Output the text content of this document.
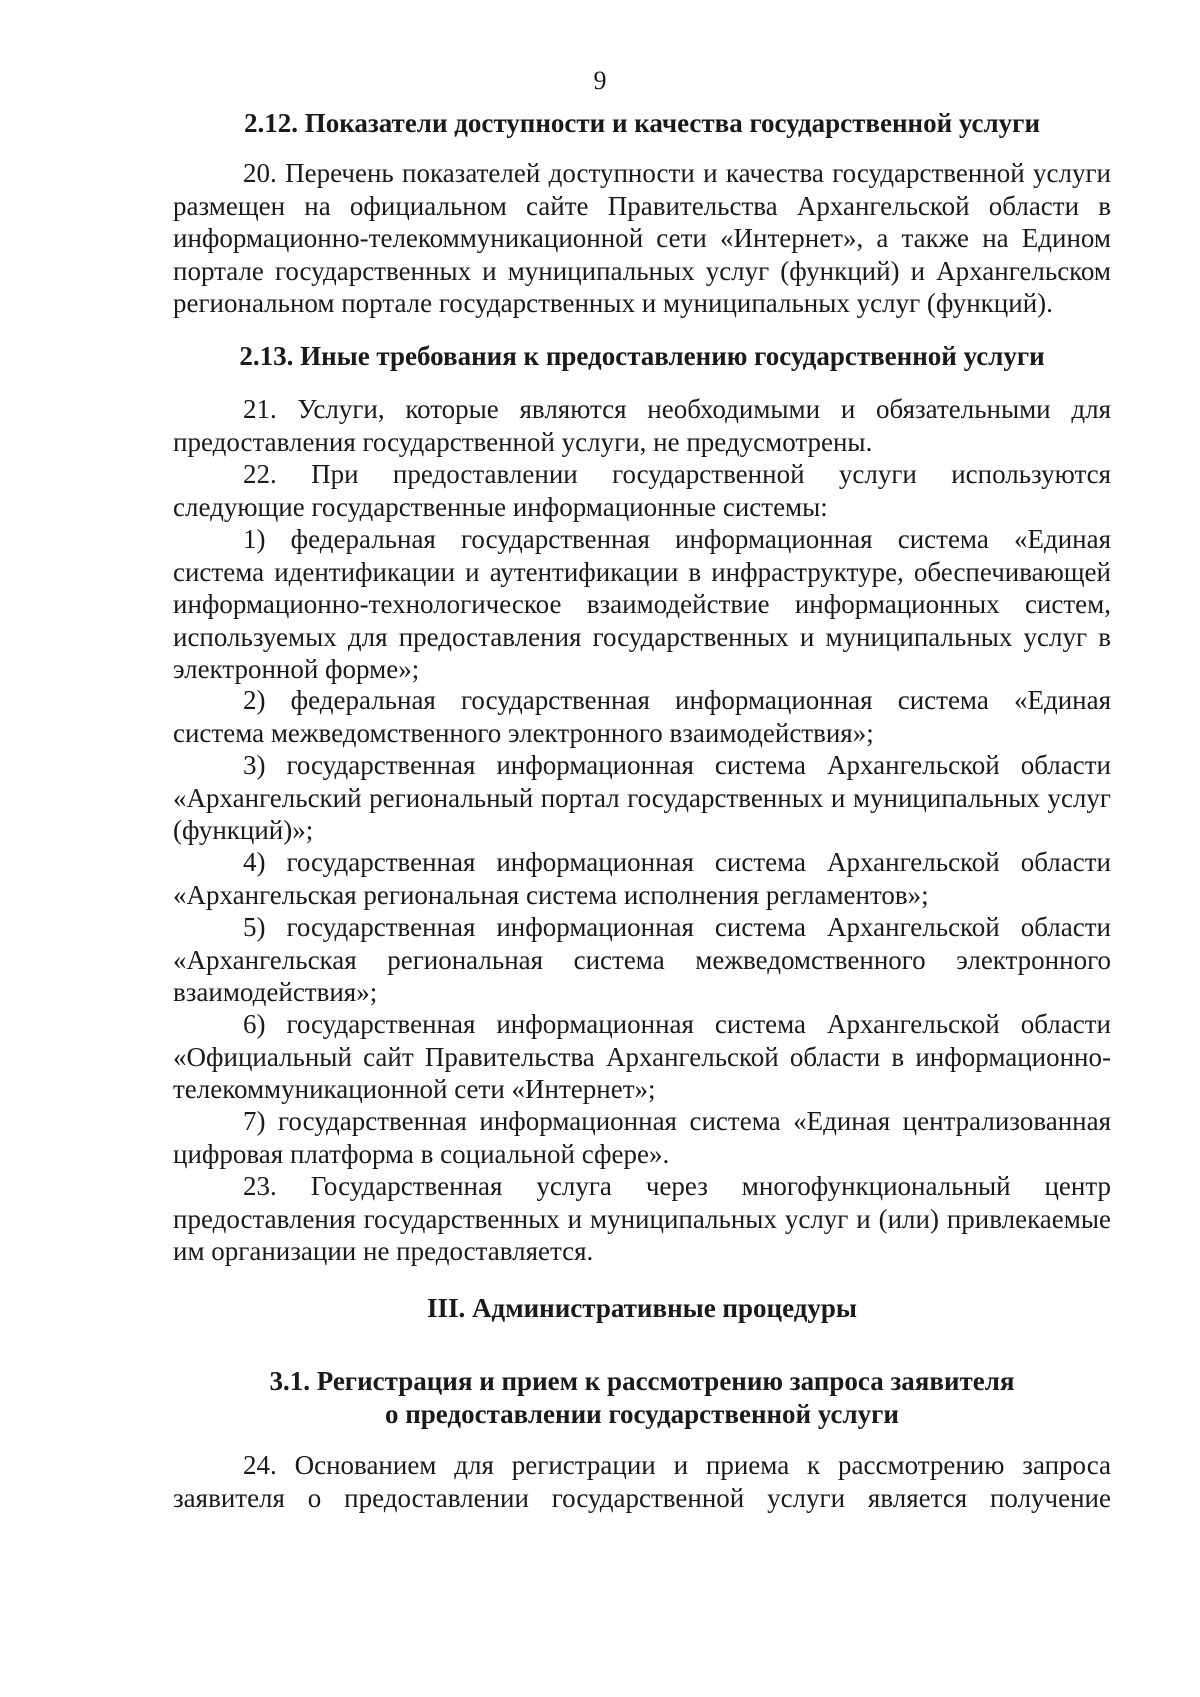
9
2.12. Показатели доступности и качества государственной услуги
20. Перечень показателей доступности и качества государственной услуги размещен на официальном сайте Правительства Архангельской области в информационно-телекоммуникационной сети «Интернет», а также на Едином портале государственных и муниципальных услуг (функций) и Архангельском региональном портале государственных и муниципальных услуг (функций).
2.13. Иные требования к предоставлению государственной услуги
21. Услуги, которые являются необходимыми и обязательными для предоставления государственной услуги, не предусмотрены.
22. При предоставлении государственной услуги используются следующие государственные информационные системы:
1) федеральная государственная информационная система «Единая система идентификации и аутентификации в инфраструктуре, обеспечивающей информационно-технологическое взаимодействие информационных систем, используемых для предоставления государственных и муниципальных услуг в электронной форме»;
2) федеральная государственная информационная система «Единая система межведомственного электронного взаимодействия»;
3) государственная информационная система Архангельской области «Архангельский региональный портал государственных и муниципальных услуг (функций)»;
4) государственная информационная система Архангельской области «Архангельская региональная система исполнения регламентов»;
5) государственная информационная система Архангельской области «Архангельская региональная система межведомственного электронного взаимодействия»;
6) государственная информационная система Архангельской области «Официальный сайт Правительства Архангельской области в информационно-телекоммуникационной сети «Интернет»;
7) государственная информационная система «Единая централизованная цифровая платформа в социальной сфере».
23. Государственная услуга через многофункциональный центр предоставления государственных и муниципальных услуг и (или) привлекаемые им организации не предоставляется.
III. Административные процедуры
3.1. Регистрация и прием к рассмотрению запроса заявителя
о предоставлении государственной услуги
24. Основанием для регистрации и приема к рассмотрению запроса заявителя о предоставлении государственной услуги является получение
